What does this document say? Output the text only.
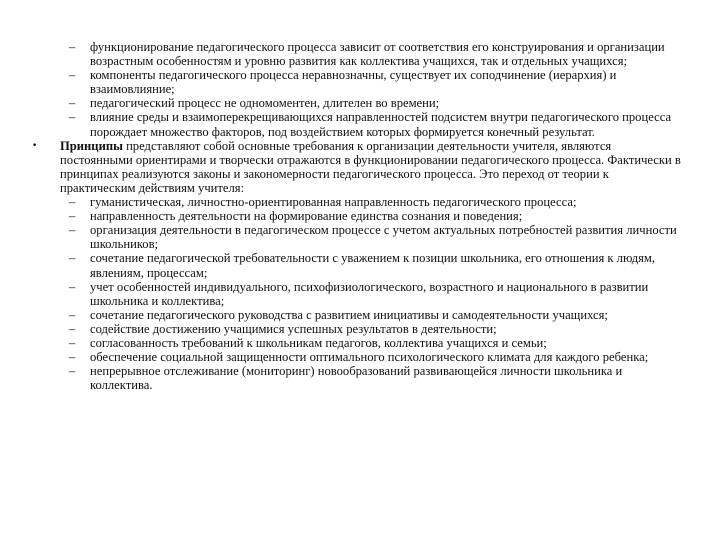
– функционирование педагогического процесса зависит от соответствия его конструирования и организации возрастным особенностям и уровню развития как коллектива учащихся, так и отдельных учащихся;

– компоненты педагогического процесса неравнозначны, существует их соподчинение (иерархия) и взаимовлияние;

– педагогический процесс не одномоментен, длителен во времени;

– влияние среды и взаимоперекрещивающихся направленностей подсистем внутри педагогического процесса порождает множество факторов, под воздействием которых формируется конечный результат.

• Принципы представляют собой основные требования к организации деятельности учителя, являются постоянными ориентирами и творчески отражаются в функционировании педагогического процесса. Фактически в принципах реализуются законы и закономерности педагогического процесса. Это переход от теории к практическим действиям учителя:

– гуманистическая, личностно-ориентированная направленность педагогического процесса;

– направленность деятельности на формирование единства сознания и поведения;

– организация деятельности в педагогическом процессе с учетом актуальных потребностей развития личности школьников;

– сочетание педагогической требовательности с уважением к позиции школьника, его отношения к людям, явлениям, процессам;

– учет особенностей индивидуального, психофизиологического, возрастного и национального в развитии школьника и коллектива;

– сочетание педагогического руководства с развитием инициативы и самодеятельности учащихся;

– содействие достижению учащимися успешных результатов в деятельности;

– согласованность требований к школьникам педагогов, коллектива учащихся и семьи;

– обеспечение социальной защищенности оптимального психологического климата для каждого ребенка;

– непрерывное отслеживание (мониторинг) новообразований развивающейся личности школьника и коллектива.
